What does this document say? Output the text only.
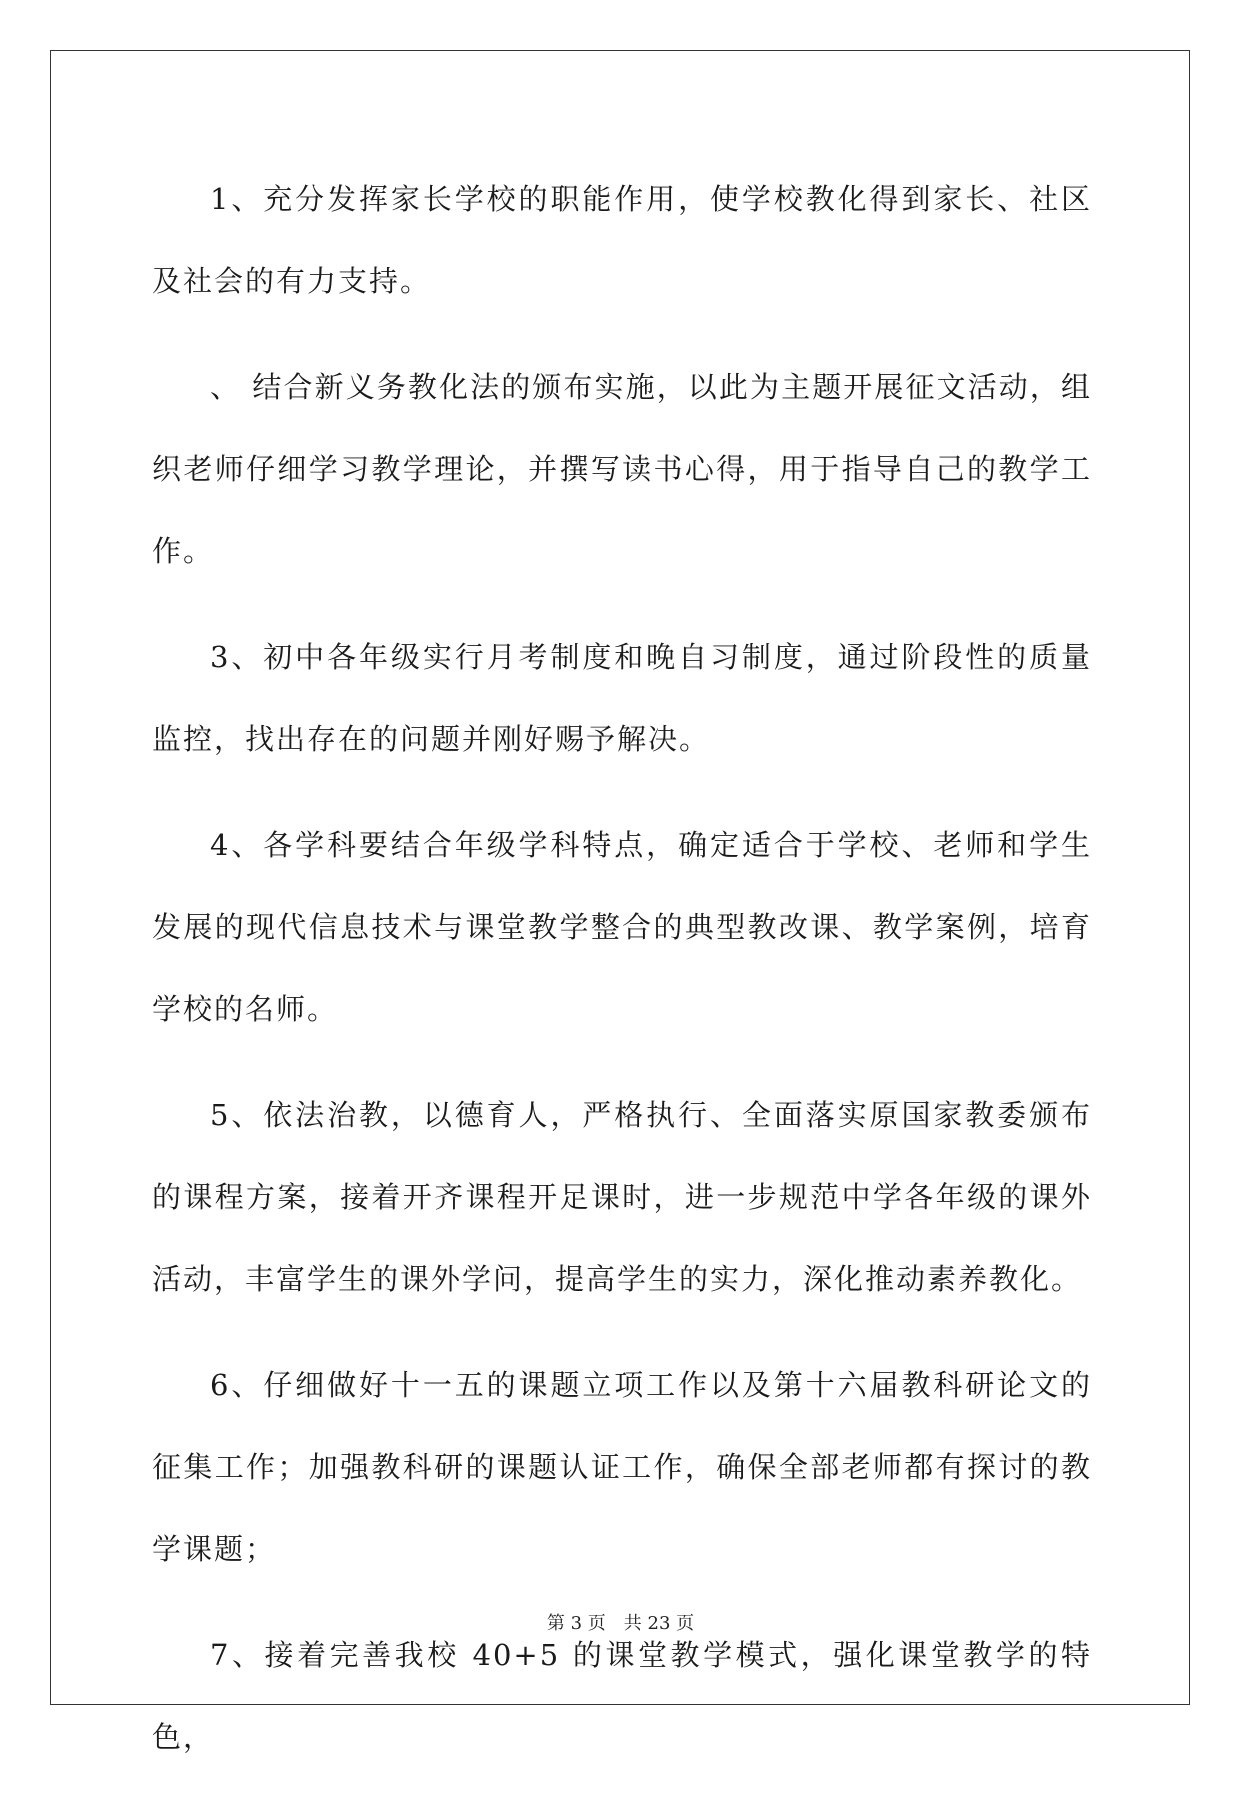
1、充分发挥家长学校的职能作用，使学校教化得到家长、社区及社会的有力支持。

、 结合新义务教化法的颁布实施，以此为主题开展征文活动，组织老师仔细学习教学理论，并撰写读书心得，用于指导自己的教学工作。

3、初中各年级实行月考制度和晚自习制度，通过阶段性的质量监控，找出存在的问题并刚好赐予解决。

4、各学科要结合年级学科特点，确定适合于学校、老师和学生发展的现代信息技术与课堂教学整合的典型教改课、教学案例，培育学校的名师。

5、依法治教，以德育人，严格执行、全面落实原国家教委颁布的课程方案，接着开齐课程开足课时，进一步规范中学各年级的课外活动，丰富学生的课外学问，提高学生的实力，深化推动素养教化。

6、仔细做好十一五的课题立项工作以及第十六届教科研论文的征集工作；加强教科研的课题认证工作，确保全部老师都有探讨的教学课题；

7、接着完善我校 40+5 的课堂教学模式，强化课堂教学的特色，

第 3 页　共 23 页
